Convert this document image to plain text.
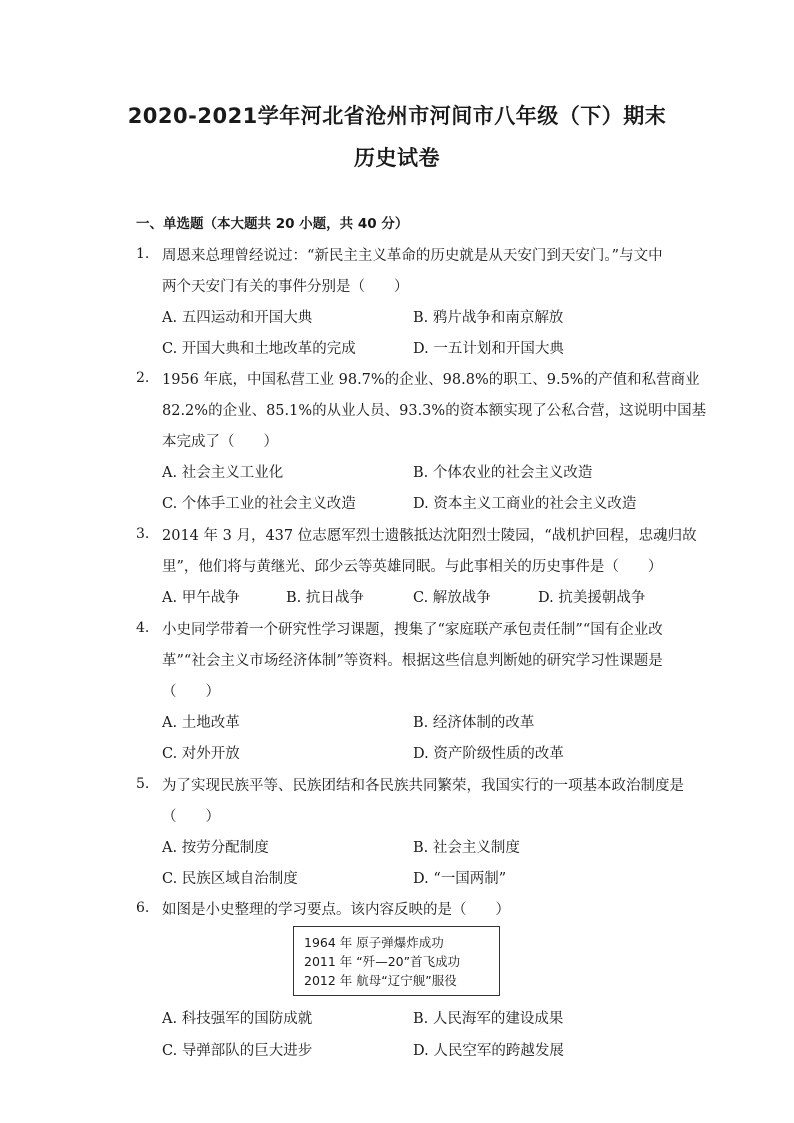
2020-2021学年河北省沧州市河间市八年级（下）期末
历史试卷
一、单选题（本大题共 20 小题，共 40 分）
1. 周恩来总理曾经说过：“新民主主义革命的历史就是从天安门到天安门。”与文中
两个天安门有关的事件分别是（　　）
A. 五四运动和开国大典	B. 鸦片战争和南京解放
C. 开国大典和土地改革的完成	D. 一五计划和开国大典
2. 1956 年底，中国私营工业 98.7%的企业、98.8%的职工、9.5%的产值和私营商业
82.2%的企业、85.1%的从业人员、93.3%的资本额实现了公私合营，这说明中国基
本完成了（　　）
A. 社会主义工业化	B. 个体农业的社会主义改造
C. 个体手工业的社会主义改造	D. 资本主义工商业的社会主义改造
3. 2014 年 3 月，437 位志愿军烈士遗骸抵达沈阳烈士陵园，“战机护回程，忠魂归故
里”，他们将与黄继光、邱少云等英雄同眠。与此事相关的历史事件是（　　）
A. 甲午战争	B. 抗日战争	C. 解放战争	D. 抗美援朝战争
4. 小史同学带着一个研究性学习课题，搜集了“家庭联产承包责任制”“国有企业改
革”“社会主义市场经济体制”等资料。根据这些信息判断她的研究学习性课题是
（　　）
A. 土地改革	B. 经济体制的改革
C. 对外开放	D. 资产阶级性质的改革
5. 为了实现民族平等、民族团结和各民族共同繁荣，我国实行的一项基本政治制度是
（　　）
A. 按劳分配制度	B. 社会主义制度
C. 民族区域自治制度	D. “一国两制”
6. 如图是小史整理的学习要点。该内容反映的是（　　）
1964 年 原子弹爆炸成功
2011 年 “歼—20”首飞成功
2012 年 航母“辽宁舰”服役
A. 科技强军的国防成就	B. 人民海军的建设成果
C. 导弹部队的巨大进步	D. 人民空军的跨越发展
